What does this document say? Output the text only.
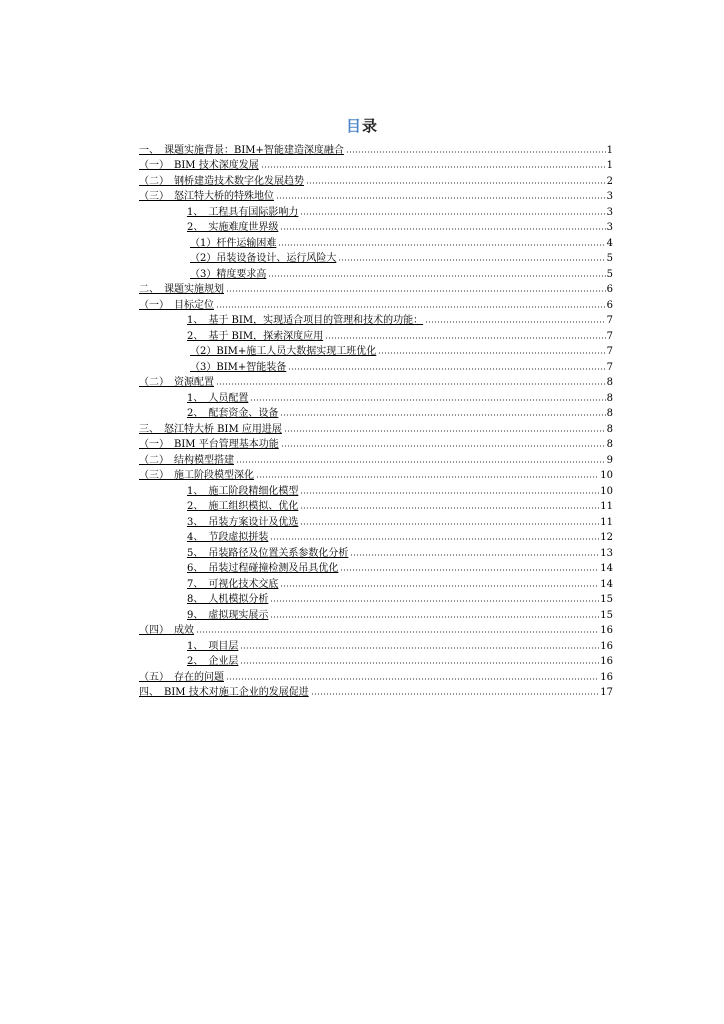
目录
一、　课题实施背景：BIM+智能建造深度融合	1
（一）　BIM 技术深度发展	1
（二）　钢桥建造技术数字化发展趋势	2
（三）　怒江特大桥的特殊地位	3
1、　工程具有国际影响力	3
2、　实施难度世界级	3
（1）杆件运输困难	4
（2）吊装设备设计、运行风险大	5
（3）精度要求高	5
二、　课题实施规划	6
（一）　目标定位	6
1、　基于 BIM，实现适合项目的管理和技术的功能：	7
2、　基于 BIM，探索深度应用	7
（2）BIM+施工人员大数据实现工班优化	7
（3）BIM+智能装备	7
（二）　资源配置	8
1、　人员配置	8
2、　配套资金、设备	8
三、　怒江特大桥 BIM 应用进展	8
（一）　BIM 平台管理基本功能	8
（二）　结构模型搭建	9
（三）　施工阶段模型深化	10
1、　施工阶段精细化模型	10
2、　施工组织模拟、优化	11
3、　吊装方案设计及优选	11
4、　节段虚拟拼装	12
5、　吊装路径及位置关系参数化分析	13
6、　吊装过程碰撞检测及吊具优化	14
7、　可视化技术交底	14
8、　人机模拟分析	15
9、　虚拟现实展示	15
（四）　成效	16
1、　项目层	16
2、　企业层	16
（五）　存在的问题	16
四、　BIM 技术对施工企业的发展促进	17
